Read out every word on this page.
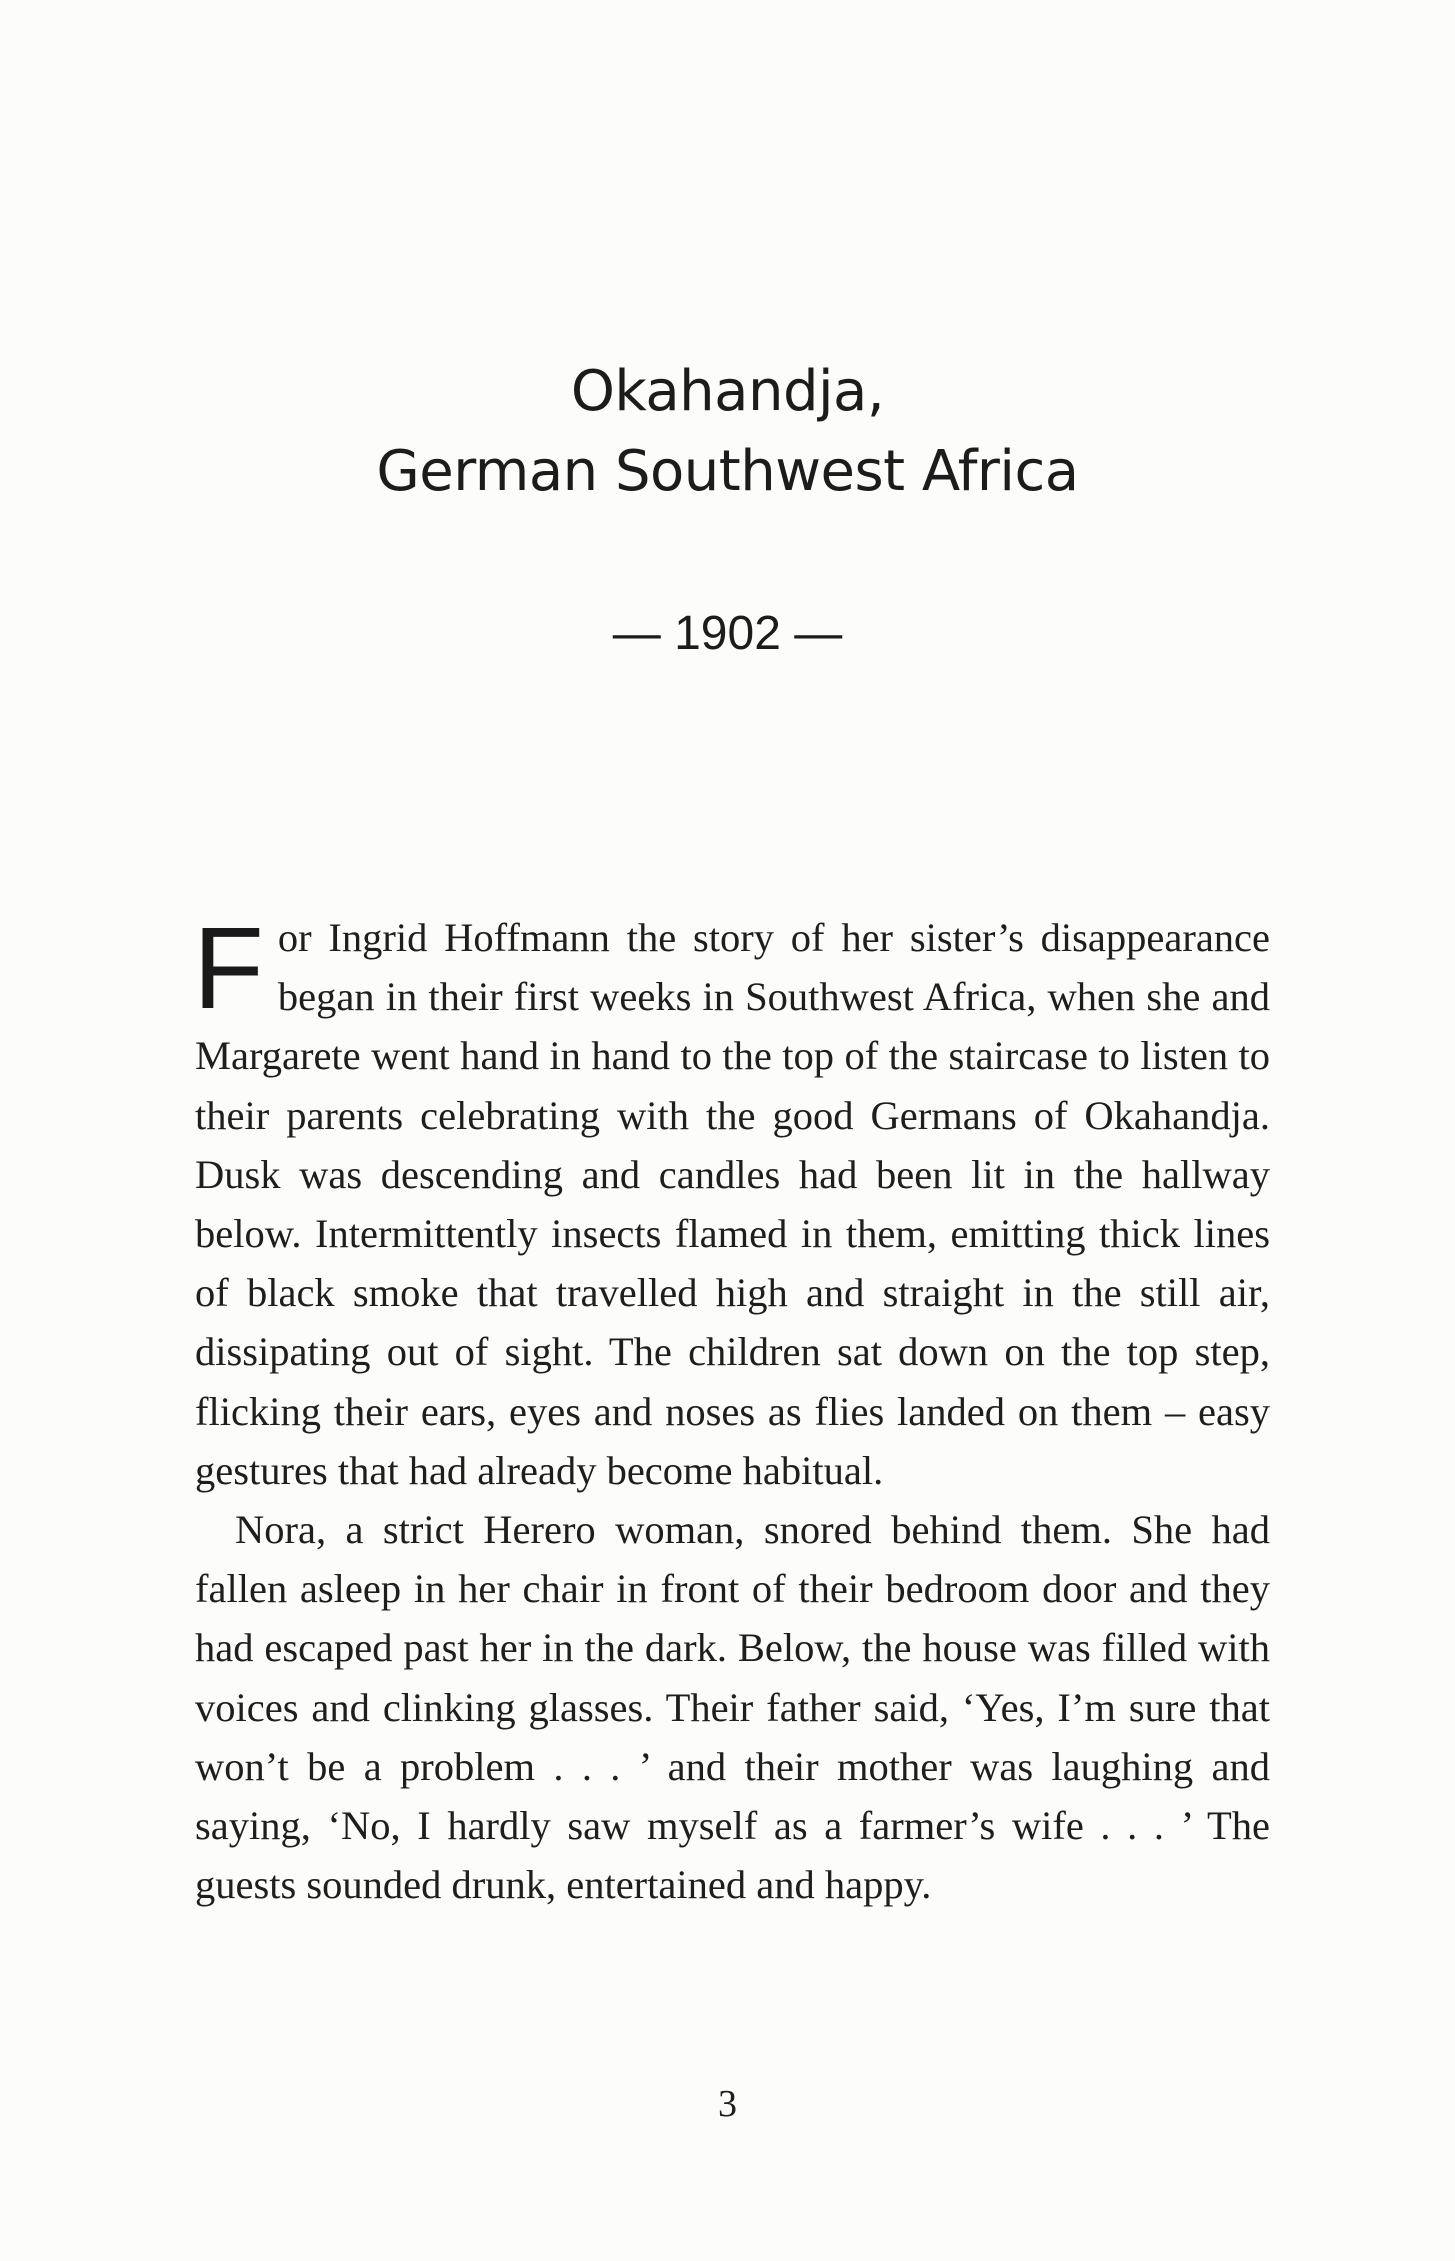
Okahandja,
German Southwest Africa
— 1902 —

For Ingrid Hoffmann the story of her sister’s disappearance began in their first weeks in Southwest Africa, when she and Margarete went hand in hand to the top of the staircase to listen to their parents celebrating with the good Germans of Okahandja. Dusk was descending and candles had been lit in the hallway below. Intermittently insects flamed in them, emitting thick lines of black smoke that travelled high and straight in the still air, dissipating out of sight. The children sat down on the top step, flicking their ears, eyes and noses as flies landed on them – easy gestures that had already become habitual.

Nora, a strict Herero woman, snored behind them. She had fallen asleep in her chair in front of their bedroom door and they had escaped past her in the dark. Below, the house was filled with voices and clinking glasses. Their father said, ‘Yes, I’m sure that won’t be a problem . . . ’ and their mother was laughing and saying, ‘No, I hardly saw myself as a farmer’s wife . . . ’ The guests sounded drunk, entertained and happy.

3
